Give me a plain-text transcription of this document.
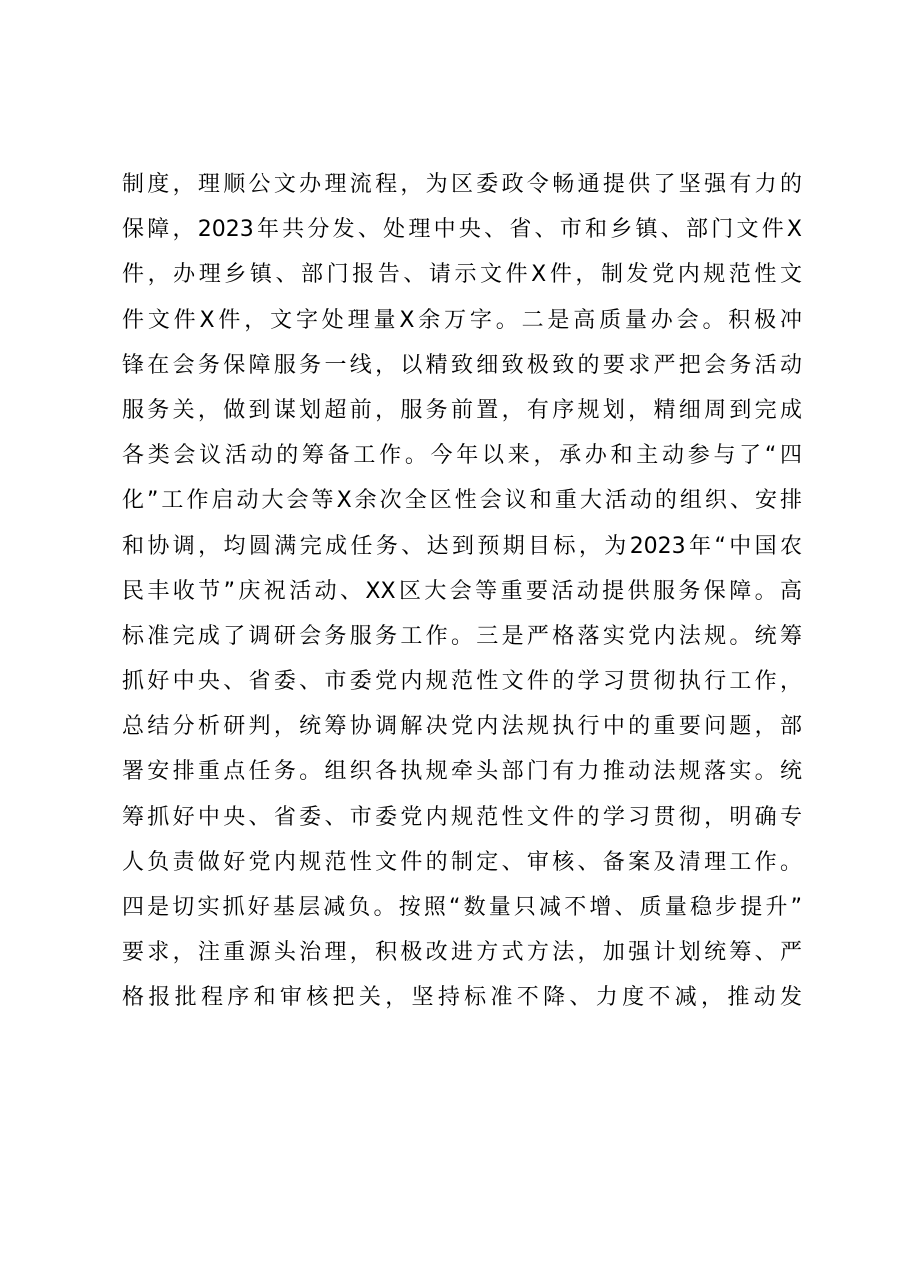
制度，理顺公文办理流程，为区委政令畅通提供了坚强有力的
保障，2023年共分发、处理中央、省、市和乡镇、部门文件X
件，办理乡镇、部门报告、请示文件X件，制发党内规范性文
件文件X件，文字处理量X余万字。二是高质量办会。积极冲
锋在会务保障服务一线，以精致细致极致的要求严把会务活动
服务关，做到谋划超前，服务前置，有序规划，精细周到完成
各类会议活动的筹备工作。今年以来，承办和主动参与了“四
化”工作启动大会等X余次全区性会议和重大活动的组织、安排
和协调，均圆满完成任务、达到预期目标，为2023年“中国农
民丰收节”庆祝活动、XX区大会等重要活动提供服务保障。高
标准完成了调研会务服务工作。三是严格落实党内法规。统筹
抓好中央、省委、市委党内规范性文件的学习贯彻执行工作，
总结分析研判，统筹协调解决党内法规执行中的重要问题，部
署安排重点任务。组织各执规牵头部门有力推动法规落实。统
筹抓好中央、省委、市委党内规范性文件的学习贯彻，明确专
人负责做好党内规范性文件的制定、审核、备案及清理工作。
四是切实抓好基层减负。按照“数量只减不增、质量稳步提升”
要求，注重源头治理，积极改进方式方法，加强计划统筹、严
格报批程序和审核把关，坚持标准不降、力度不减，推动发
